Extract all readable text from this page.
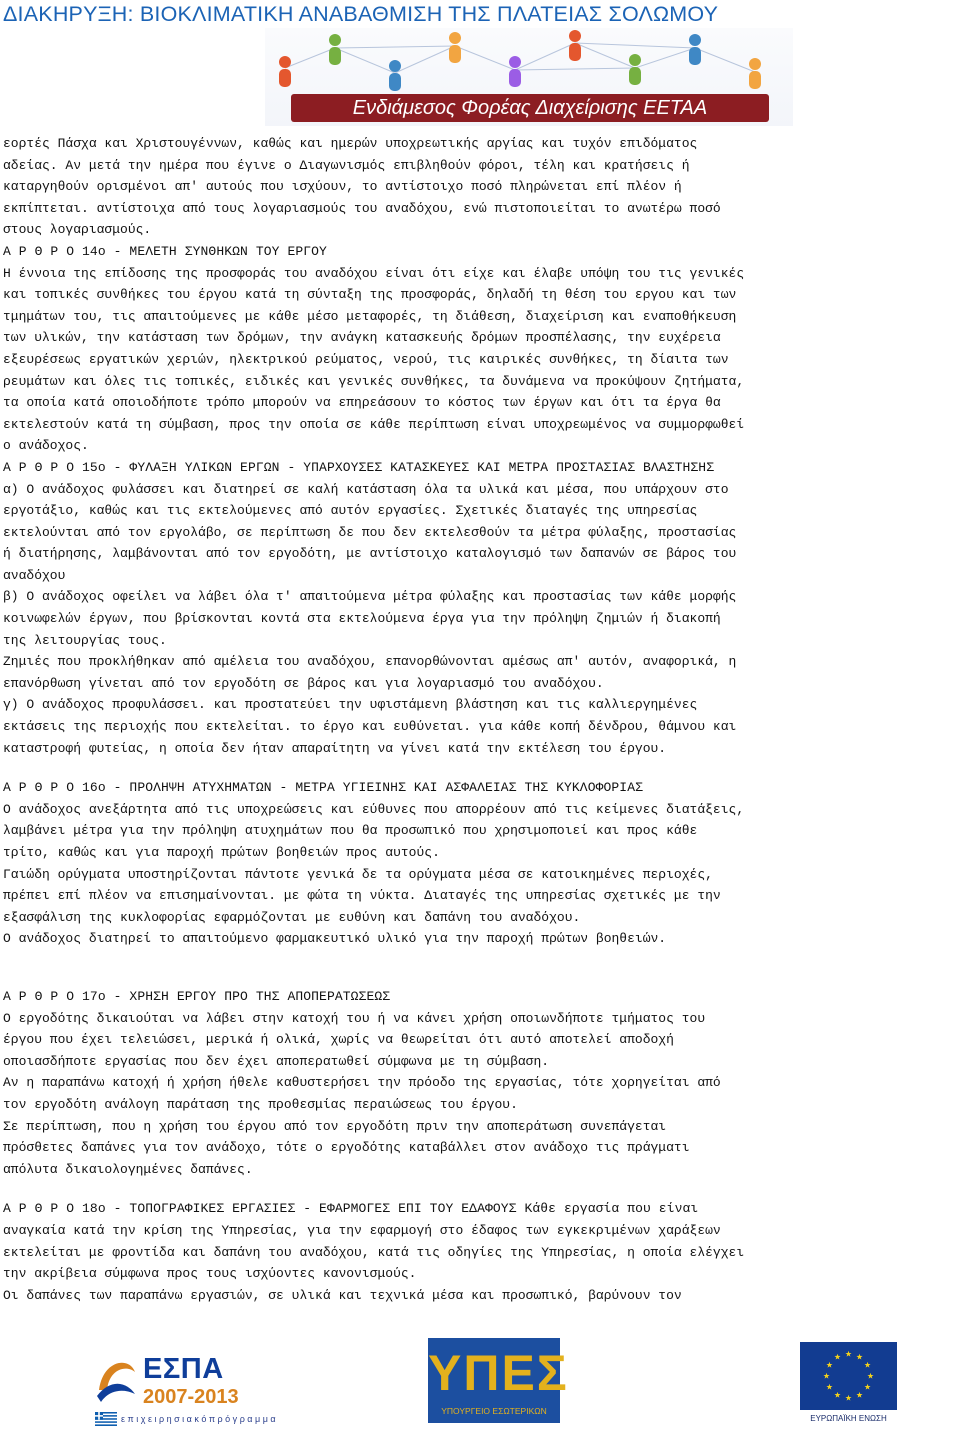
ΔΙΑΚΗΡΥΞΗ: ΒΙΟΚΛΙΜΑΤΙΚΗ ΑΝΑΒΑΘΜΙΣΗ ΤΗΣ ΠΛΑΤΕΙΑΣ ΣΟΛΩΜΟΥ
Ενδιάμεσος Φορέας Διαχείρισης ΕΕΤΑΑ
εορτές Πάσχα και Χριστουγέννων, καθώς και ημερών υποχρεωτικής αργίας και τυχόν επιδόματος
αδείας. Αν μετά την ημέρα που έγινε ο Διαγωνισμός επιβληθούν φόροι, τέλη και κρατήσεις ή
καταργηθούν ορισμένοι απ' αυτούς που ισχύουν, το αντίστοιχο ποσό πληρώνεται επί πλέον ή
εκπίπτεται. αντίστοιχα από τους λογαριασμούς του αναδόχου, ενώ πιστοποιείται το ανωτέρω ποσό
στους λογαριασμούς.
Α Ρ Θ Ρ Ο 14ο - ΜΕΛΕΤΗ ΣΥΝΘΗΚΩΝ ΤΟΥ ΕΡΓΟΥ
Η έννοια της επίδοσης της προσφοράς του αναδόχου είναι ότι είχε και έλαβε υπόψη του τις γενικές
και τοπικές συνθήκες του έργου κατά τη σύνταξη της προσφοράς, δηλαδή τη θέση του εργου και των
τμημάτων του, τις απαιτούμενες με κάθε μέσο μεταφορές, τη διάθεση, διαχείριση και εναποθήκευση
των υλικών, την κατάσταση των δρόμων, την ανάγκη κατασκευής δρόμων προσπέλασης, την ευχέρεια
εξευρέσεως εργατικών χεριών, ηλεκτρικού ρεύματος, νερού, τις καιρικές συνθήκες, τη δίαιτα των
ρευμάτων και όλες τις τοπικές, ειδικές και γενικές συνθήκες, τα δυνάμενα να προκύψουν ζητήματα,
τα οποία κατά οποιοδήποτε τρόπο μπορούν να επηρεάσουν το κόστος των έργων και ότι τα έργα θα
εκτελεστούν κατά τη σύμβαση, προς την οποία σε κάθε περίπτωση είναι υποχρεωμένος να συμμορφωθεί
ο ανάδοχος.
Α Ρ Θ Ρ Ο 15ο - ΦΥΛΑΞΗ ΥΛΙΚΩΝ ΕΡΓΩΝ - ΥΠΑΡΧΟΥΣΕΣ ΚΑΤΑΣΚΕΥΕΣ ΚΑΙ ΜΕΤΡΑ ΠΡΟΣΤΑΣΙΑΣ ΒΛΑΣΤΗΣΗΣ
α) Ο ανάδοχος φυλάσσει και διατηρεί σε καλή κατάσταση όλα τα υλικά και μέσα, που υπάρχουν στο
εργοτάξιο, καθώς και τις εκτελούμενες από αυτόν εργασίες. Σχετικές διαταγές της υπηρεσίας
εκτελούνται από τον εργολάβο, σε περίπτωση δε που δεν εκτελεσθούν τα μέτρα φύλαξης, προστασίας
ή διατήρησης, λαμβάνονται από τον εργοδότη, με αντίστοιχο καταλογισμό των δαπανών σε βάρος του
αναδόχου
β) Ο ανάδοχος οφείλει να λάβει όλα τ' απαιτούμενα μέτρα φύλαξης και προστασίας των κάθε μορφής
κοινωφελών έργων, που βρίσκονται κοντά στα εκτελούμενα έργα για την πρόληψη ζημιών ή διακοπή
της λειτουργίας τους.
Ζημιές που προκλήθηκαν από αμέλεια του αναδόχου, επανορθώνονται αμέσως απ' αυτόν, αναφορικά, η
επανόρθωση γίνεται από τον εργοδότη σε βάρος και για λογαριασμό του αναδόχου.
γ) Ο ανάδοχος προφυλάσσει. και προστατεύει την υφιστάμενη βλάστηση και τις καλλιεργημένες
εκτάσεις της περιοχής που εκτελείται. το έργο και ευθύνεται. για κάθε κοπή δένδρου, θάμνου και
καταστροφή φυτείας, η οποία δεν ήταν απαραίτητη να γίνει κατά την εκτέλεση του έργου.
Α Ρ Θ Ρ Ο 16ο - ΠΡΟΛΗΨΗ ΑΤΥΧΗΜΑΤΩΝ - ΜΕΤΡΑ ΥΓΙΕΙΝΗΣ ΚΑΙ ΑΣΦΑΛΕΙΑΣ ΤΗΣ ΚΥΚΛΟΦΟΡΙΑΣ
Ο ανάδοχος ανεξάρτητα από τις υποχρεώσεις και εύθυνες που απορρέουν από τις κείμενες διατάξεις,
λαμβάνει μέτρα για την πρόληψη ατυχημάτων που θα προσωπικό που χρησιμοποιεί και προς κάθε
τρίτο, καθώς και για παροχή πρώτων βοηθειών προς αυτούς.
Γαιώδη ορύγματα υποστηρίζονται πάντοτε γενικά δε τα ορύγματα μέσα σε κατοικημένες περιοχές,
πρέπει επί πλέον να επισημαίνονται. με φώτα τη νύκτα. Διαταγές της υπηρεσίας σχετικές με την
εξασφάλιση της κυκλοφορίας εφαρμόζονται με ευθύνη και δαπάνη του αναδόχου.
Ο ανάδοχος διατηρεί το απαιτούμενο φαρμακευτικό υλικό για την παροχή πρώτων βοηθειών.
Α Ρ Θ Ρ Ο 17ο - ΧΡΗΣΗ ΕΡΓΟΥ ΠΡΟ ΤΗΣ ΑΠΟΠΕΡΑΤΩΣΕΩΣ
Ο εργοδότης δικαιούται να λάβει στην κατοχή του ή να κάνει χρήση οποιωνδήποτε τμήματος του
έργου που έχει τελειώσει, μερικά ή ολικά, χωρίς να θεωρείται ότι αυτό αποτελεί αποδοχή
οποιασδήποτε εργασίας που δεν έχει αποπερατωθεί σύμφωνα με τη σύμβαση.
Αν η παραπάνω κατοχή ή χρήση ήθελε καθυστερήσει την πρόοδο της εργασίας, τότε χορηγείται από
τον εργοδότη ανάλογη παράταση της προθεσμίας περαιώσεως του έργου.
Σε περίπτωση, που η χρήση του έργου από τον εργοδότη πριν την αποπεράτωση συνεπάγεται
πρόσθετες δαπάνες για τον ανάδοχο, τότε ο εργοδότης καταβάλλει στον ανάδοχο τις πράγματι
απόλυτα δικαιολογημένες δαπάνες.
Α Ρ Θ Ρ Ο 18ο - ΤΟΠΟΓΡΑΦΙΚΕΣ ΕΡΓΑΣΙΕΣ - ΕΦΑΡΜΟΓΕΣ ΕΠΙ ΤΟΥ ΕΔΑΦΟΥΣ Κάθε εργασία που είναι
αναγκαία κατά την κρίση της Υπηρεσίας, για την εφαρμογή στο έδαφος των εγκεκριμένων χαράξεων
εκτελείται με φροντίδα και δαπάνη του αναδόχου, κατά τις οδηγίες της Υπηρεσίας, η οποία ελέγχει
την ακρίβεια σύμφωνα προς τους ισχύοντες κανονισμούς.
Οι δαπάνες των παραπάνω εργασιών, σε υλικά και τεχνικά μέσα και προσωπικό, βαρύνουν τον
ΕΣΠΑ
2007-2013
ε π ι χ ε ι ρ η σ ι α κ ό π ρ ό γ ρ α μ μ α
ΥΠΕΣ
ΥΠΟΥΡΓΕΙΟ ΕΣΩΤΕΡΙΚΩΝ
ΕΥΡΩΠΑΪΚΗ ΕΝΩΣΗ
